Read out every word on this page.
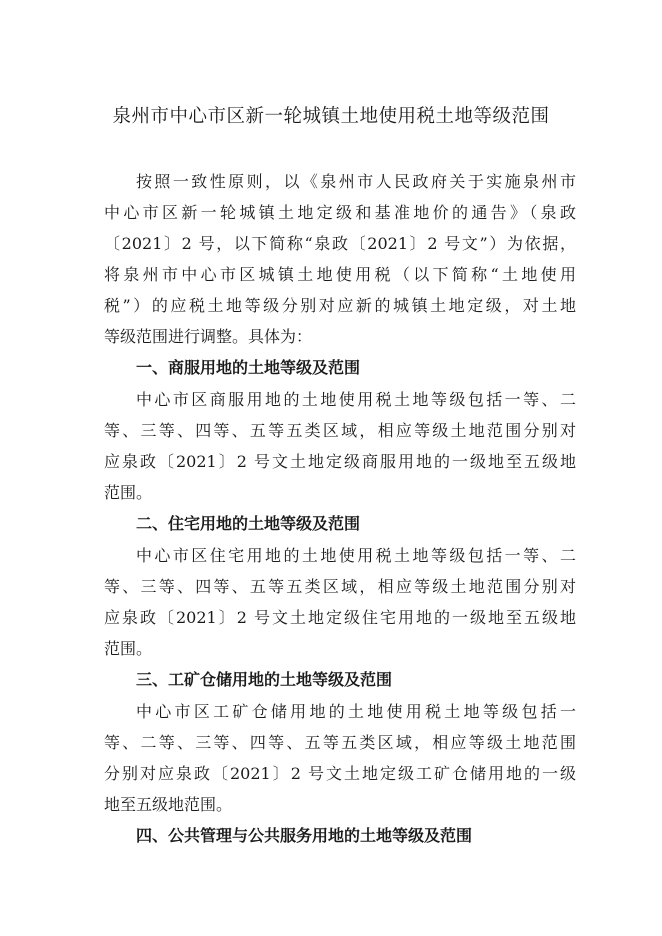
泉州市中心市区新一轮城镇土地使用税土地等级范围
按照一致性原则，以《泉州市人民政府关于实施泉州市
中心市区新一轮城镇土地定级和基准地价的通告》（泉政
〔2021〕2 号，以下简称“泉政〔2021〕2 号文”）为依据，
将泉州市中心市区城镇土地使用税（以下简称“土地使用
税”）的应税土地等级分别对应新的城镇土地定级，对土地
等级范围进行调整。具体为：
一、商服用地的土地等级及范围
中心市区商服用地的土地使用税土地等级包括一等、二
等、三等、四等、五等五类区域，相应等级土地范围分别对
应泉政〔2021〕2 号文土地定级商服用地的一级地至五级地
范围。
二、住宅用地的土地等级及范围
中心市区住宅用地的土地使用税土地等级包括一等、二
等、三等、四等、五等五类区域，相应等级土地范围分别对
应泉政〔2021〕2 号文土地定级住宅用地的一级地至五级地
范围。
三、工矿仓储用地的土地等级及范围
中心市区工矿仓储用地的土地使用税土地等级包括一
等、二等、三等、四等、五等五类区域，相应等级土地范围
分别对应泉政〔2021〕2 号文土地定级工矿仓储用地的一级
地至五级地范围。
四、公共管理与公共服务用地的土地等级及范围
